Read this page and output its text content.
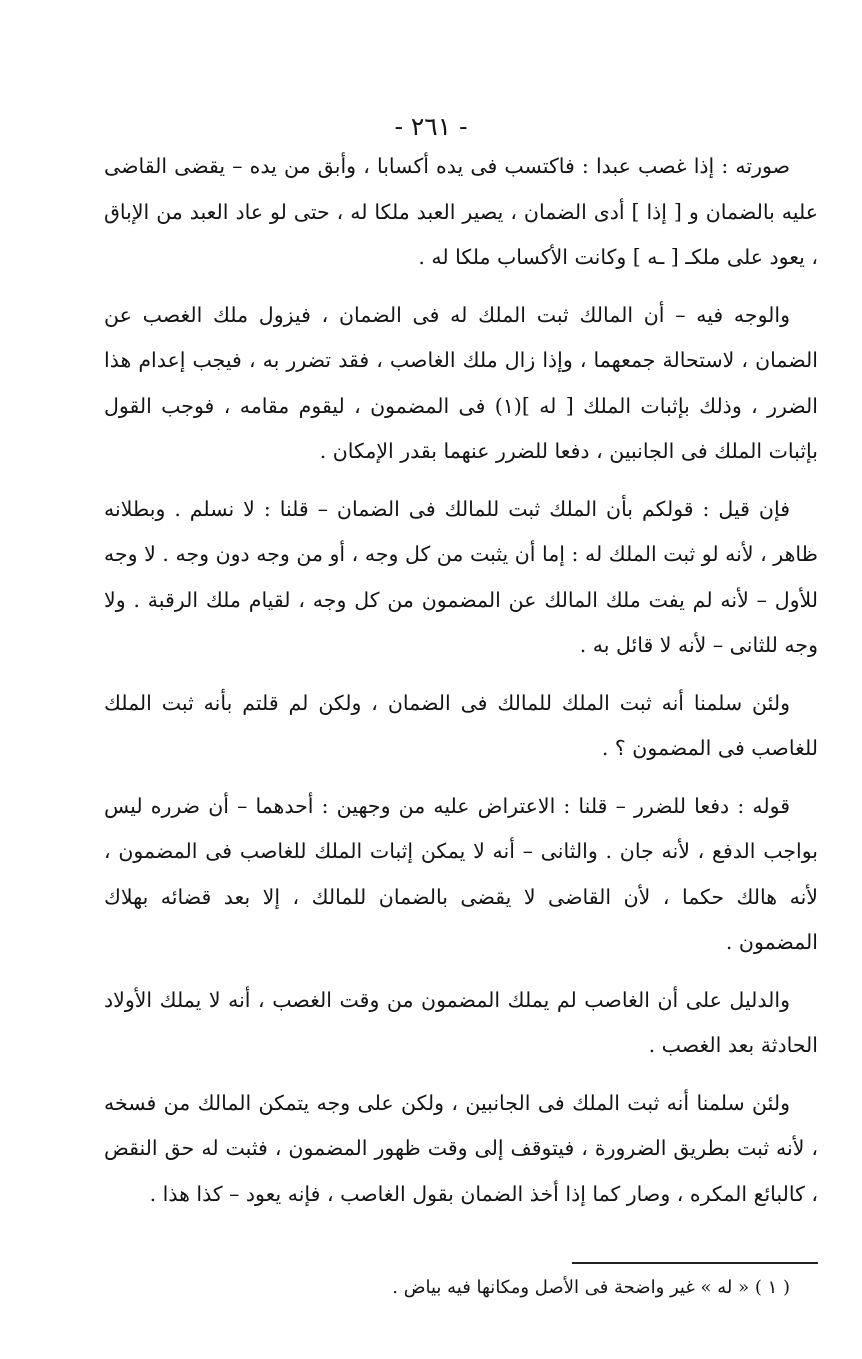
- ٢٦١ -

صورته : إذا غصب عبدا : فاكتسب فى يده أكسابا ، وأبق من يده – يقضى القاضى عليه بالضمان و [ إذا ] أدى الضمان ، يصير العبد ملكا له ، حتى لو عاد العبد من الإباق ، يعود على ملكـ [ ـه ] وكانت الأكساب ملكا له .

والوجه فيه – أن المالك ثبت الملك له فى الضمان ، فيزول ملك الغصب عن الضمان ، لاستحالة جمعهما ، وإذا زال ملك الغاصب ، فقد تضرر به ، فيجب إعدام هذا الضرر ، وذلك بإثبات الملك [ له ](١) فى المضمون ، ليقوم مقامه ، فوجب القول بإثبات الملك فى الجانبين ، دفعا للضرر عنهما بقدر الإمكان .

فإن قيل : قولكم بأن الملك ثبت للمالك فى الضمان – قلنا : لا نسلم . وبطلانه ظاهر ، لأنه لو ثبت الملك له : إما أن يثبت من كل وجه ، أو من وجه دون وجه . لا وجه للأول – لأنه لم يفت ملك المالك عن المضمون من كل وجه ، لقيام ملك الرقبة . ولا وجه للثانى – لأنه لا قائل به .

ولئن سلمنا أنه ثبت الملك للمالك فى الضمان ، ولكن لم قلتم بأنه ثبت الملك للغاصب فى المضمون ؟ .

قوله : دفعا للضرر – قلنا : الاعتراض عليه من وجهين : أحدهما – أن ضرره ليس بواجب الدفع ، لأنه جان . والثانى – أنه لا يمكن إثبات الملك للغاصب فى المضمون ، لأنه هالك حكما ، لأن القاضى لا يقضى بالضمان للمالك ، إلا بعد قضائه بهلاك المضمون .

والدليل على أن الغاصب لم يملك المضمون من وقت الغصب ، أنه لا يملك الأولاد الحادثة بعد الغصب .

ولئن سلمنا أنه ثبت الملك فى الجانبين ، ولكن على وجه يتمكن المالك من فسخه ، لأنه ثبت بطريق الضرورة ، فيتوقف إلى وقت ظهور المضمون ، فثبت له حق النقض ، كالبائع المكره ، وصار كما إذا أخذ الضمان بقول الغاصب ، فإنه يعود – كذا هذا .

( ١ ) « له » غير واضحة فى الأصل ومكانها فيه بياض .
